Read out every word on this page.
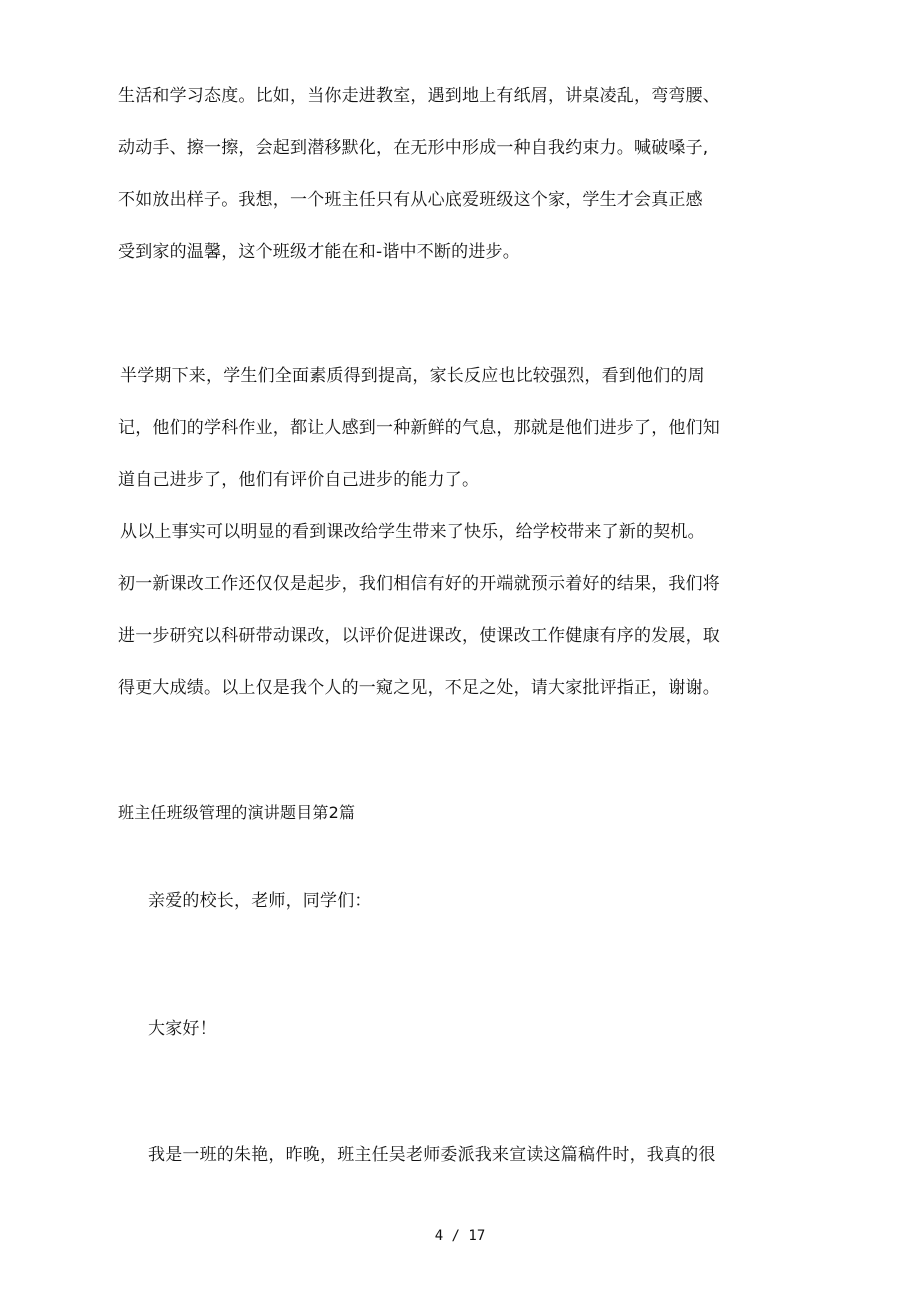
生活和学习态度。比如，当你走进教室，遇到地上有纸屑，讲桌凌乱，弯弯腰、
动动手、擦一擦，会起到潜移默化，在无形中形成一种自我约束力。喊破嗓子,
不如放出样子。我想，一个班主任只有从心底爱班级这个家，学生才会真正感
受到家的温馨，这个班级才能在和-谐中不断的进步。
半学期下来，学生们全面素质得到提高，家长反应也比较强烈，看到他们的周
记，他们的学科作业，都让人感到一种新鲜的气息，那就是他们进步了，他们知
道自己进步了，他们有评价自己进步的能力了。
从以上事实可以明显的看到课改给学生带来了快乐，给学校带来了新的契机。
初一新课改工作还仅仅是起步，我们相信有好的开端就预示着好的结果，我们将
进一步研究以科研带动课改，以评价促进课改，使课改工作健康有序的发展，取
得更大成绩。以上仅是我个人的一窥之见，不足之处，请大家批评指正，谢谢。
班主任班级管理的演讲题目第2篇
亲爱的校长，老师，同学们：
大家好！
我是一班的朱艳，昨晚，班主任吴老师委派我来宣读这篇稿件时，我真的很
4 / 17
